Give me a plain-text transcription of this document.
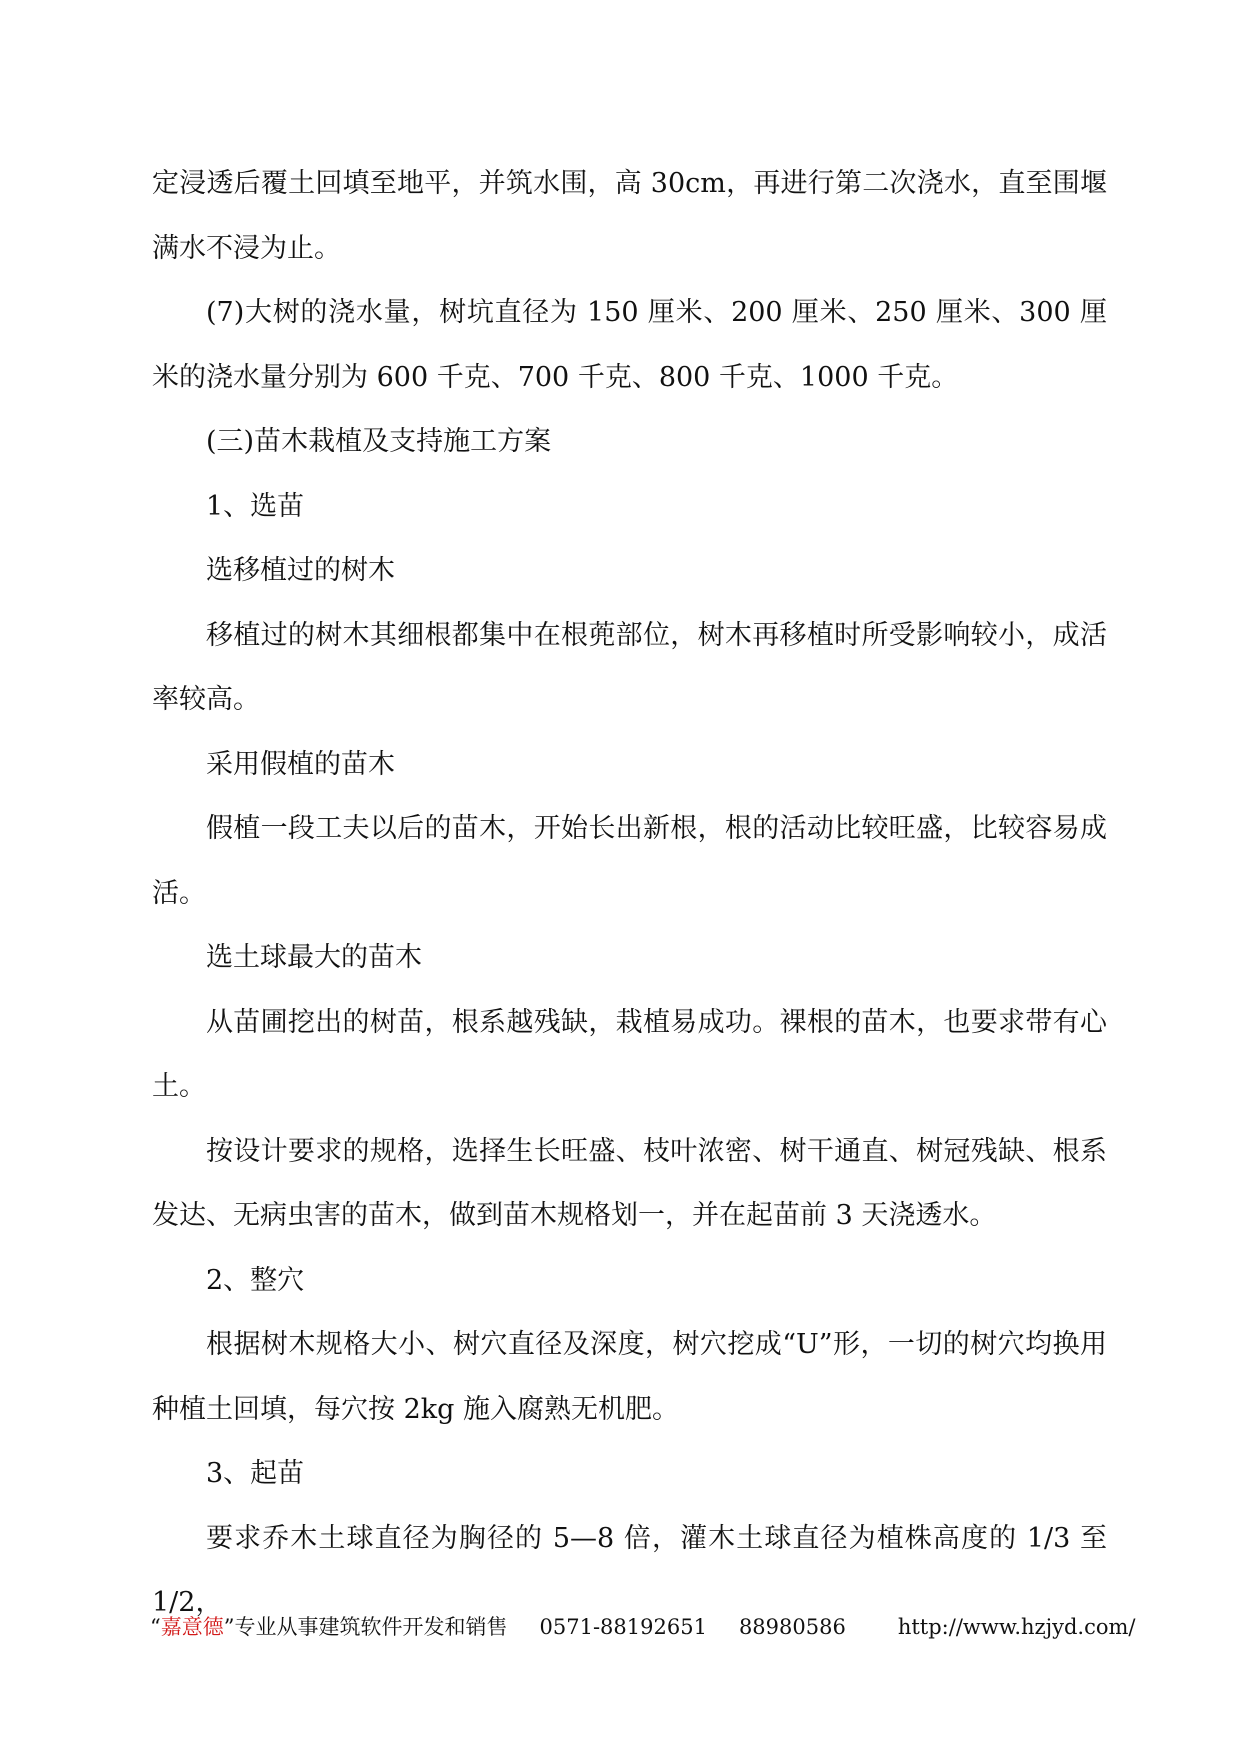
定浸透后覆土回填至地平，并筑水围，高 30cm，再进行第二次浇水，直至围堰满水不浸为止。

(7)大树的浇水量，树坑直径为 150 厘米、200 厘米、250 厘米、300 厘米的浇水量分别为 600 千克、700 千克、800 千克、1000 千克。

(三)苗木栽植及支持施工方案

1、选苗

选移植过的树木

移植过的树木其细根都集中在根蔸部位，树木再移植时所受影响较小，成活率较高。

采用假植的苗木

假植一段工夫以后的苗木，开始长出新根，根的活动比较旺盛，比较容易成活。

选土球最大的苗木

从苗圃挖出的树苗，根系越残缺，栽植易成功。裸根的苗木，也要求带有心土。

按设计要求的规格，选择生长旺盛、枝叶浓密、树干通直、树冠残缺、根系发达、无病虫害的苗木，做到苗木规格划一，并在起苗前 3 天浇透水。

2、整穴

根据树木规格大小、树穴直径及深度，树穴挖成“U”形，一切的树穴均换用种植土回填，每穴按 2kg 施入腐熟无机肥。

3、起苗

要求乔木土球直径为胸径的 5—8 倍，灌木土球直径为植株高度的 1/3 至 1/2，

“嘉意德”专业从事建筑软件开发和销售 0571-88192651 88980586 http://www.hzjyd.com/
